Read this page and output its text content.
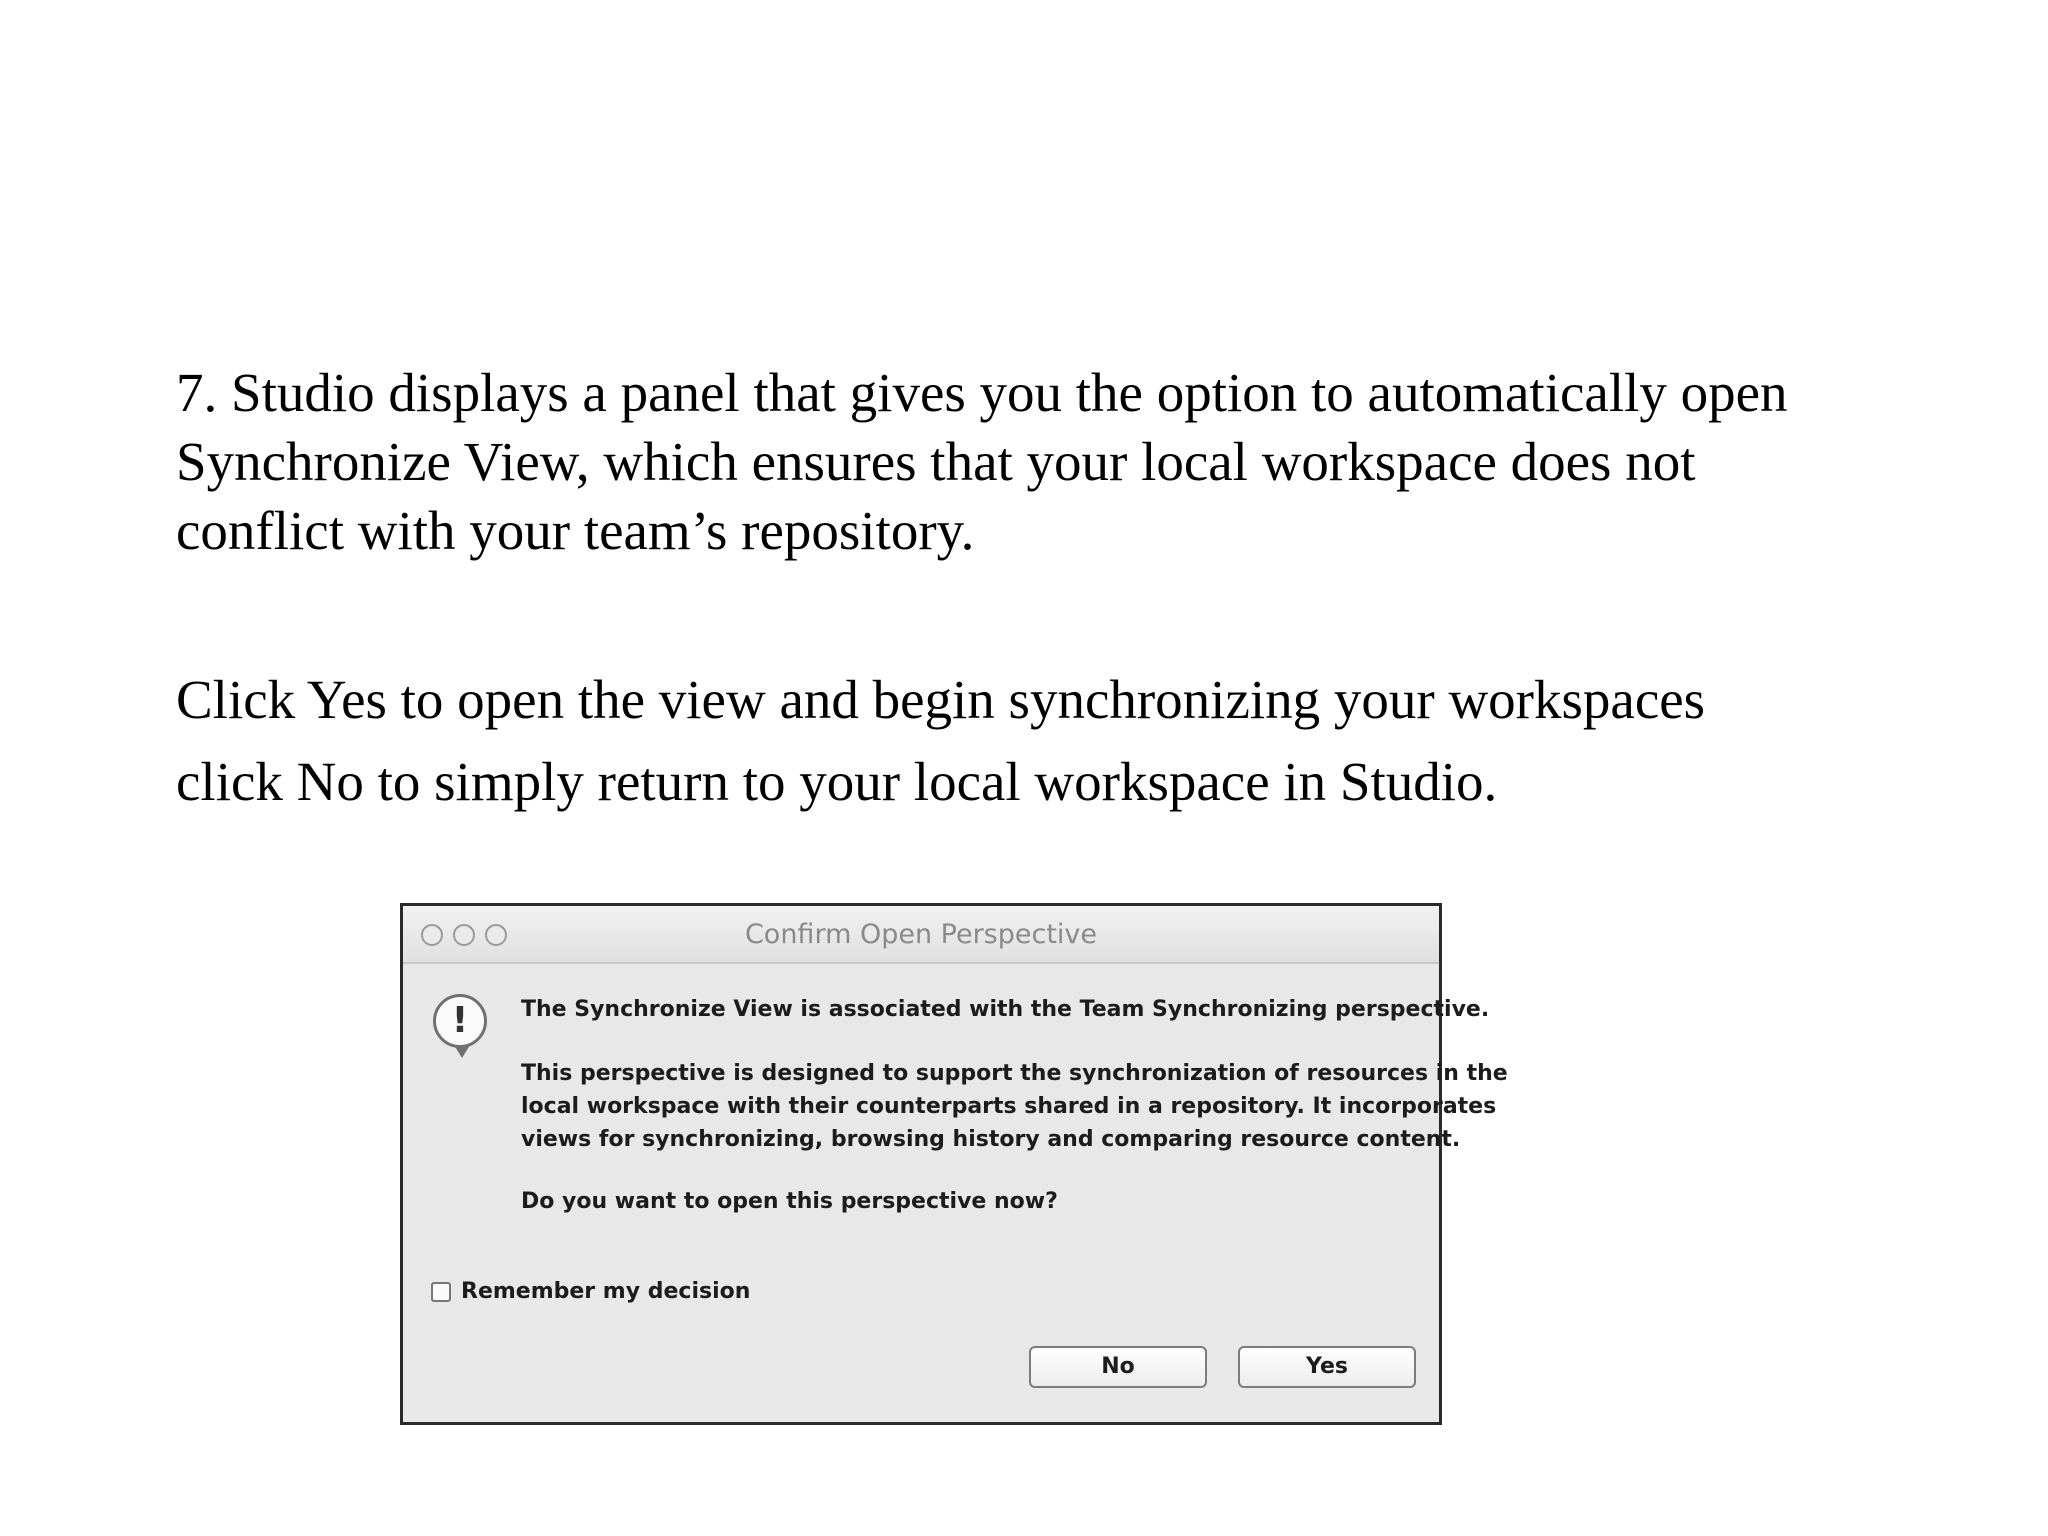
7. Studio displays a panel that gives you the option to automatically open
Synchronize View, which ensures that your local workspace does not
conflict with your team’s repository.
Click Yes to open the view and begin synchronizing your workspaces
click No to simply return to your local workspace in Studio.
Confirm Open Perspective
!	The Synchronize View is associated with the Team Synchronizing perspective.
This perspective is designed to support the synchronization of resources in the
local workspace with their counterparts shared in a repository. It incorporates
views for synchronizing, browsing history and comparing resource content.
Do you want to open this perspective now?
Remember my decision
No	Yes
